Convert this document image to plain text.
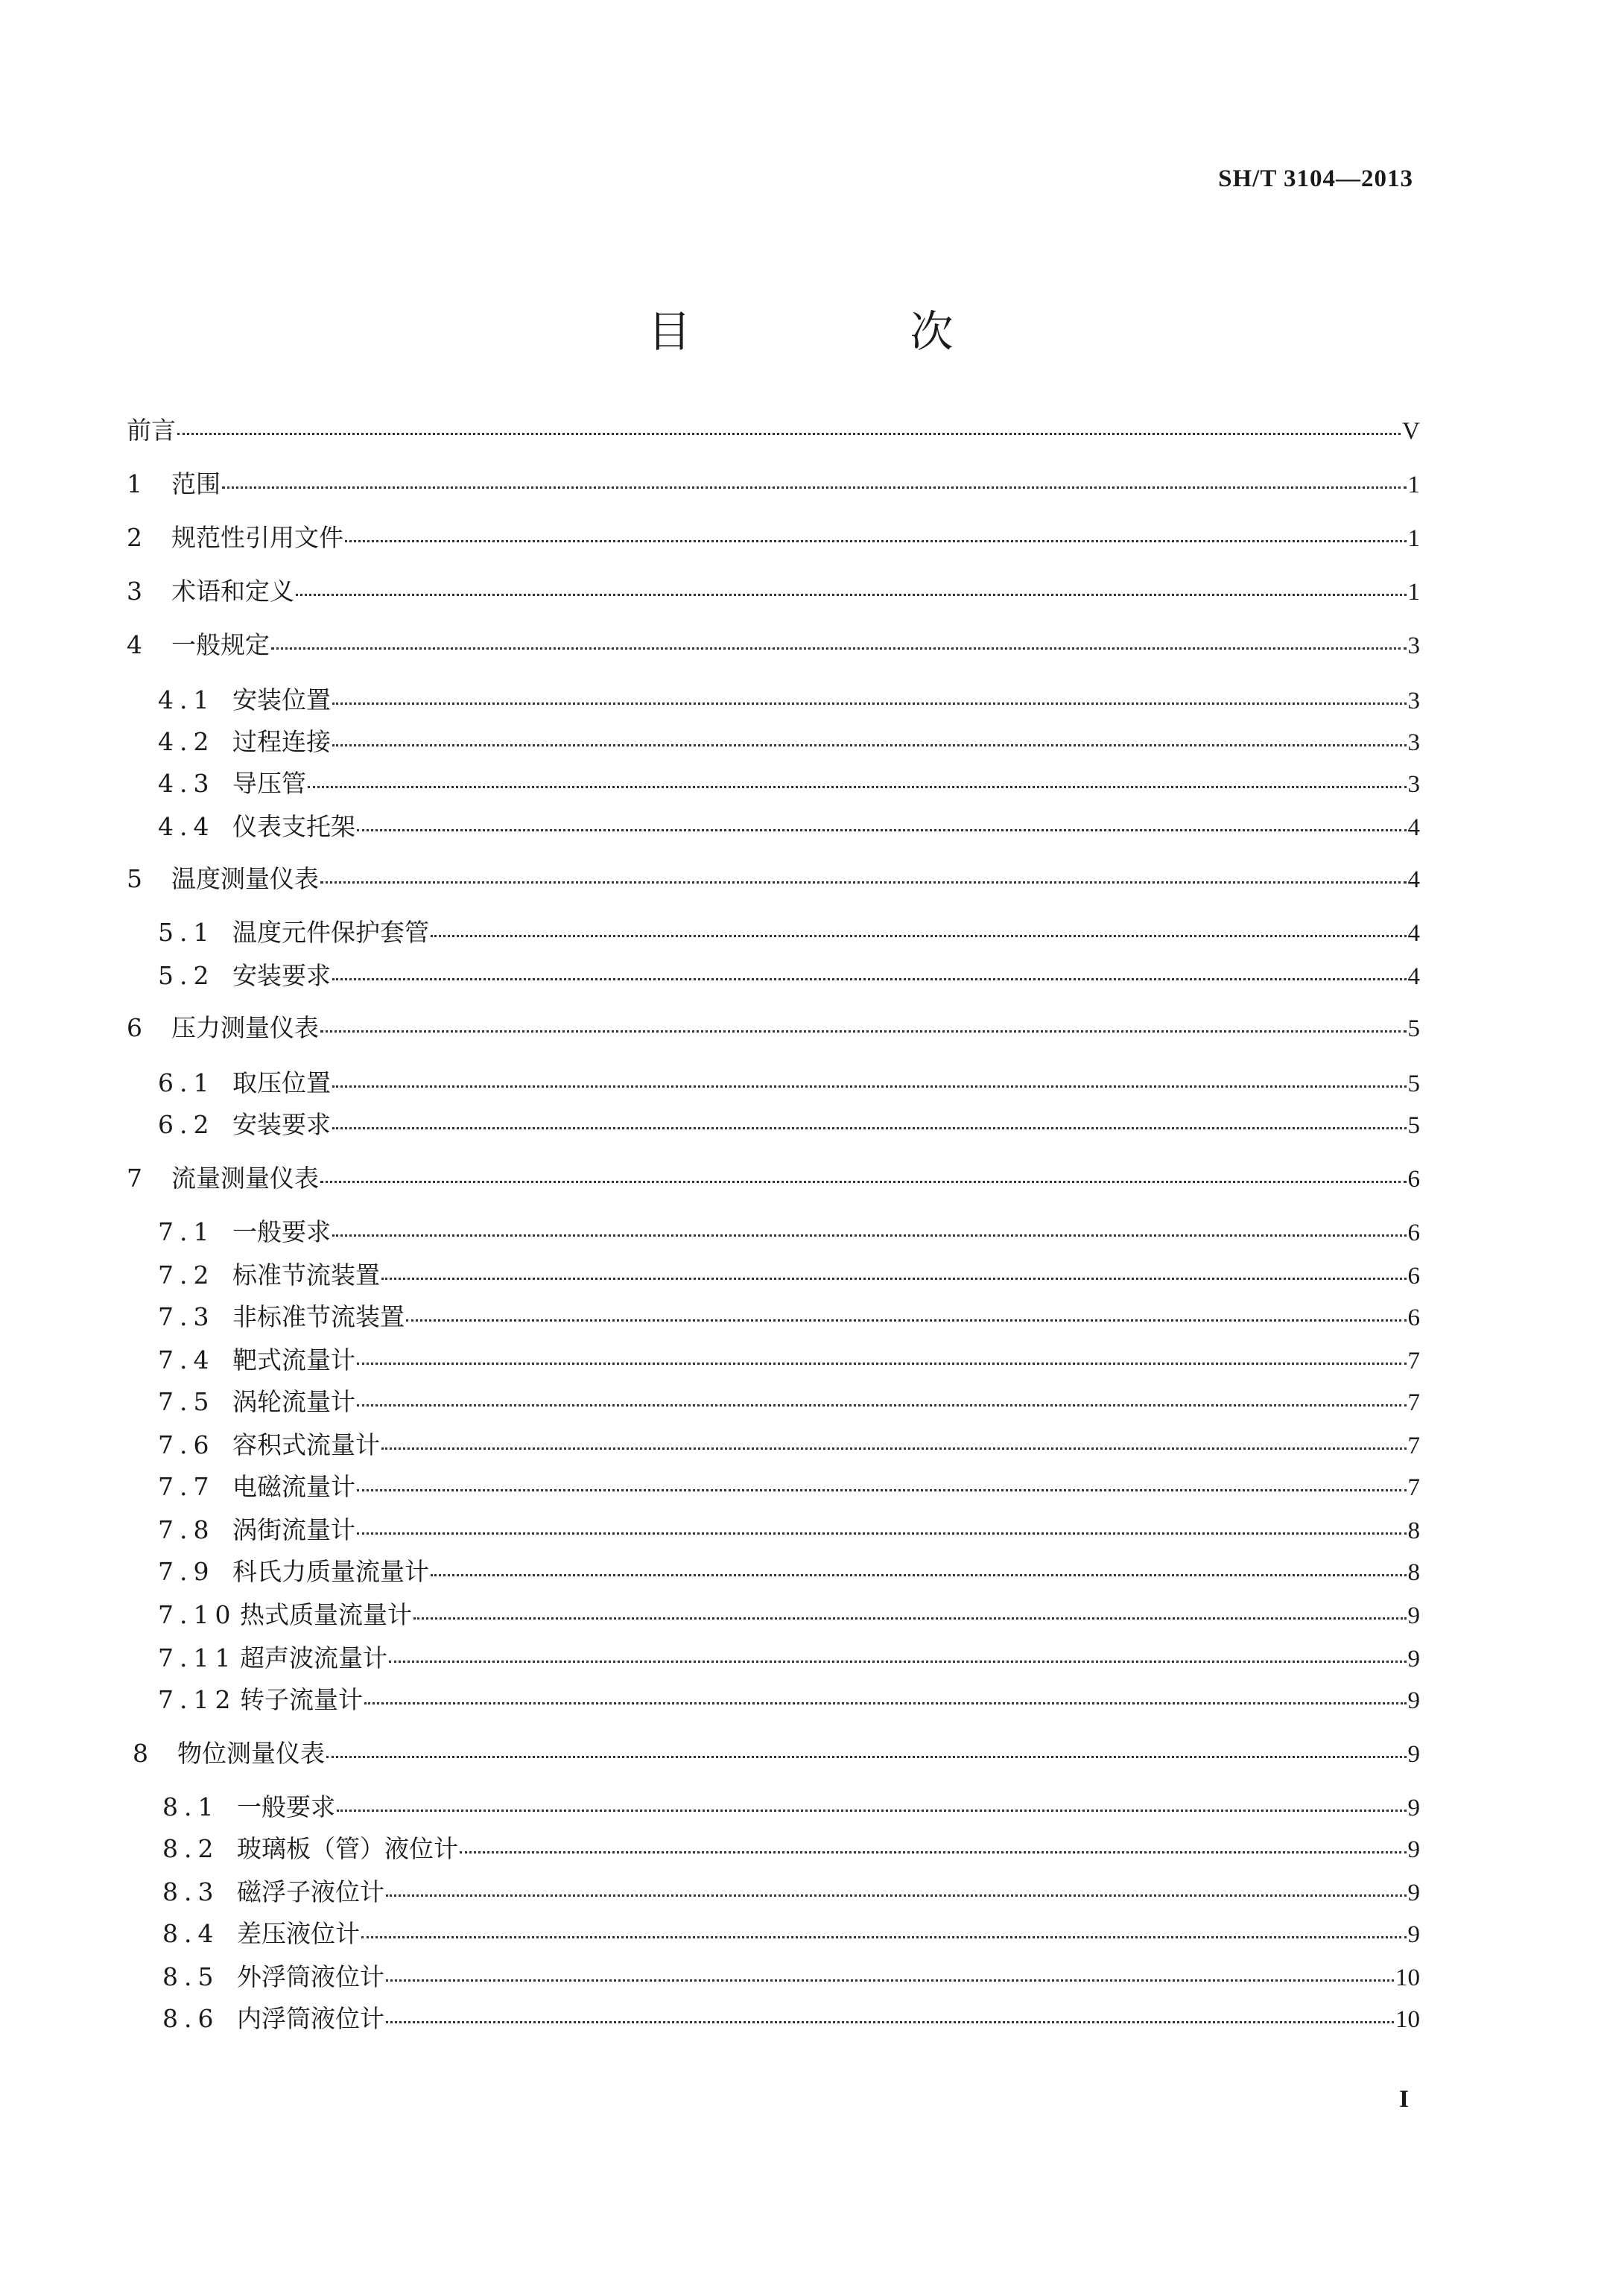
SH/T 3104—2013
目　次
前言	V
1	范围	1
2	规范性引用文件	1
3	术语和定义	1
4	一般规定	3
4.1 安装位置	3
4.2 过程连接	3
4.3 导压管	3
4.4 仪表支托架	4
5	温度测量仪表	4
5.1 温度元件保护套管	4
5.2 安装要求	4
6	压力测量仪表	5
6.1 取压位置	5
6.2 安装要求	5
7	流量测量仪表	6
7.1 一般要求	6
7.2 标准节流装置	6
7.3 非标准节流装置	6
7.4 靶式流量计	7
7.5 涡轮流量计	7
7.6 容积式流量计	7
7.7 电磁流量计	7
7.8 涡街流量计	8
7.9 科氏力质量流量计	8
7.10 热式质量流量计	9
7.11 超声波流量计	9
7.12 转子流量计	9
8	物位测量仪表	9
8.1 一般要求	9
8.2 玻璃板（管）液位计	9
8.3 磁浮子液位计	9
8.4 差压液位计	9
8.5 外浮筒液位计	10
8.6 内浮筒液位计	10
I
